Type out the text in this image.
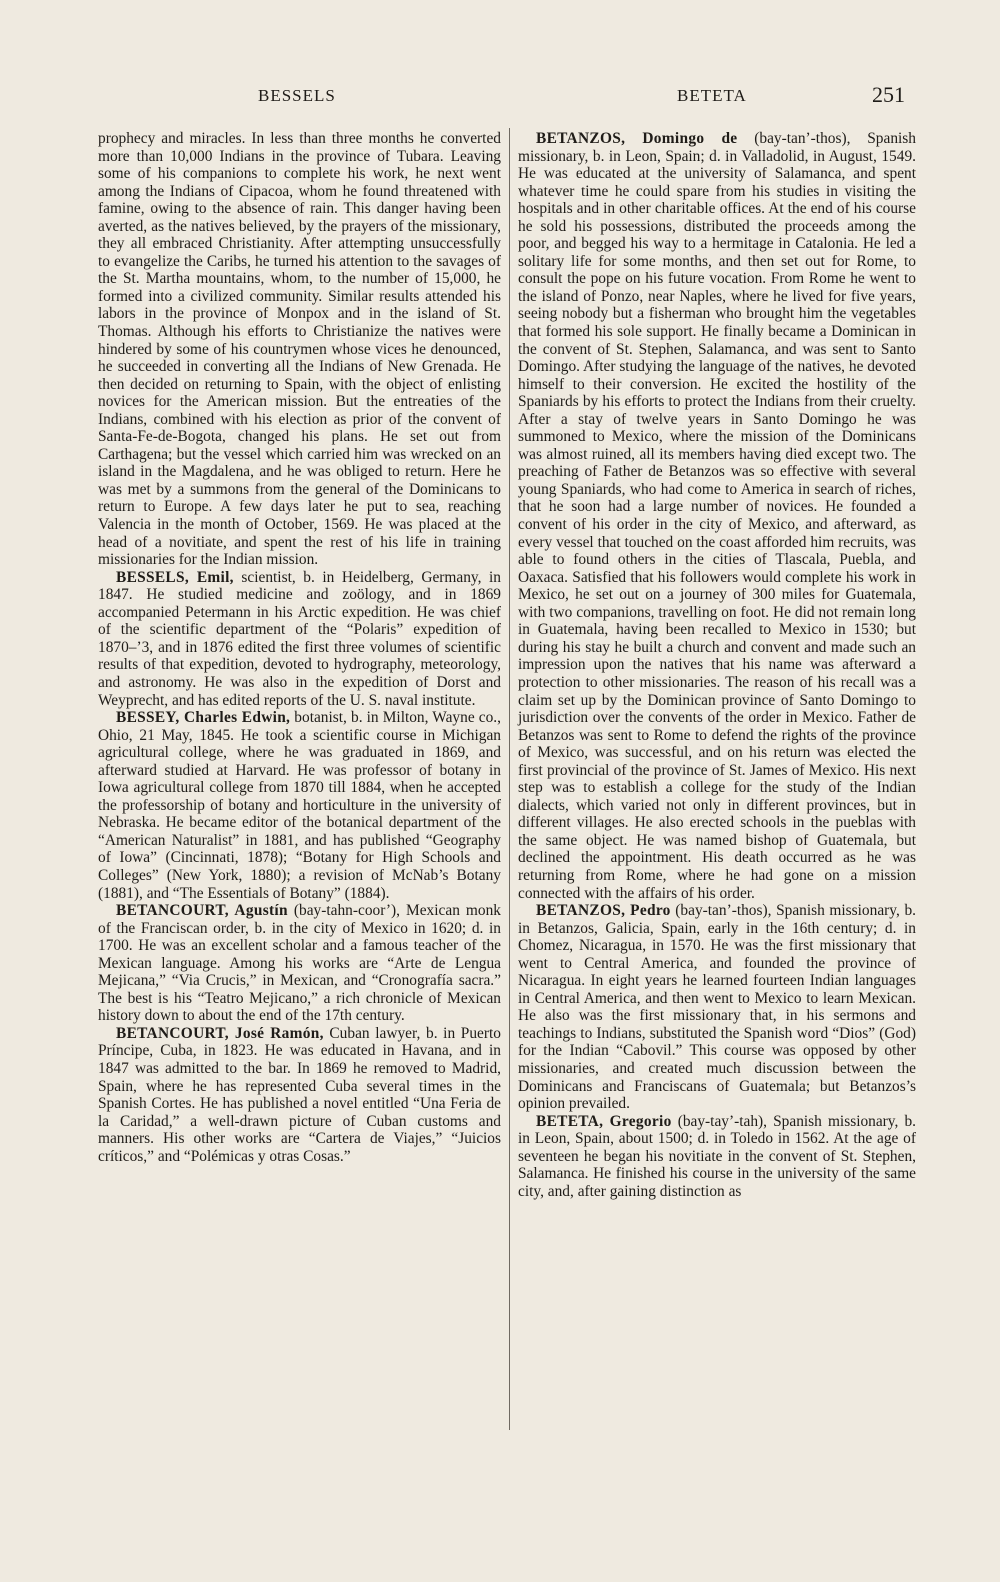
BESSELS	BETETA	251

prophecy and miracles. In less than three months he converted more than 10,000 Indians in the province of Tubara. Leaving some of his companions to complete his work, he next went among the Indians of Cipacoa, whom he found threatened with famine, owing to the absence of rain. This danger having been averted, as the natives believed, by the prayers of the missionary, they all embraced Christianity. After attempting unsuccessfully to evangelize the Caribs, he turned his attention to the savages of the St. Martha mountains, whom, to the number of 15,000, he formed into a civilized community. Similar results attended his labors in the province of Monpox and in the island of St. Thomas. Although his efforts to Christianize the natives were hindered by some of his countrymen whose vices he denounced, he succeeded in converting all the Indians of New Grenada. He then decided on returning to Spain, with the object of enlisting novices for the American mission. But the entreaties of the Indians, combined with his election as prior of the convent of Santa-Fe-de-Bogota, changed his plans. He set out from Carthagena; but the vessel which carried him was wrecked on an island in the Magdalena, and he was obliged to return. Here he was met by a summons from the general of the Dominicans to return to Europe. A few days later he put to sea, reaching Valencia in the month of October, 1569. He was placed at the head of a novitiate, and spent the rest of his life in training missionaries for the Indian mission.

BESSELS, Emil, scientist, b. in Heidelberg, Germany, in 1847. He studied medicine and zoölogy, and in 1869 accompanied Petermann in his Arctic expedition. He was chief of the scientific department of the “Polaris” expedition of 1870–’3, and in 1876 edited the first three volumes of scientific results of that expedition, devoted to hydrography, meteorology, and astronomy. He was also in the expedition of Dorst and Weyprecht, and has edited reports of the U. S. naval institute.

BESSEY, Charles Edwin, botanist, b. in Milton, Wayne co., Ohio, 21 May, 1845. He took a scientific course in Michigan agricultural college, where he was graduated in 1869, and afterward studied at Harvard. He was professor of botany in Iowa agricultural college from 1870 till 1884, when he accepted the professorship of botany and horticulture in the university of Nebraska. He became editor of the botanical department of the “American Naturalist” in 1881, and has published “Geography of Iowa” (Cincinnati, 1878); “Botany for High Schools and Colleges” (New York, 1880); a revision of McNab’s Botany (1881), and “The Essentials of Botany” (1884).

BETANCOURT, Agustín (bay-tahn-coor’), Mexican monk of the Franciscan order, b. in the city of Mexico in 1620; d. in 1700. He was an excellent scholar and a famous teacher of the Mexican language. Among his works are “Arte de Lengua Mejicana,” “Via Crucis,” in Mexican, and “Cronografía sacra.” The best is his “Teatro Mejicano,” a rich chronicle of Mexican history down to about the end of the 17th century.

BETANCOURT, José Ramón, Cuban lawyer, b. in Puerto Príncipe, Cuba, in 1823. He was educated in Havana, and in 1847 was admitted to the bar. In 1869 he removed to Madrid, Spain, where he has represented Cuba several times in the Spanish Cortes. He has published a novel entitled “Una Feria de la Caridad,” a well-drawn picture of Cuban customs and manners. His other works are “Cartera de Viajes,” “Juicios críticos,” and “Polémicas y otras Cosas.”

BETANZOS, Domingo de (bay-tan’-thos), Spanish missionary, b. in Leon, Spain; d. in Valladolid, in August, 1549. He was educated at the university of Salamanca, and spent whatever time he could spare from his studies in visiting the hospitals and in other charitable offices. At the end of his course he sold his possessions, distributed the proceeds among the poor, and begged his way to a hermitage in Catalonia. He led a solitary life for some months, and then set out for Rome, to consult the pope on his future vocation. From Rome he went to the island of Ponzo, near Naples, where he lived for five years, seeing nobody but a fisherman who brought him the vegetables that formed his sole support. He finally became a Dominican in the convent of St. Stephen, Salamanca, and was sent to Santo Domingo. After studying the language of the natives, he devoted himself to their conversion. He excited the hostility of the Spaniards by his efforts to protect the Indians from their cruelty. After a stay of twelve years in Santo Domingo he was summoned to Mexico, where the mission of the Dominicans was almost ruined, all its members having died except two. The preaching of Father de Betanzos was so effective with several young Spaniards, who had come to America in search of riches, that he soon had a large number of novices. He founded a convent of his order in the city of Mexico, and afterward, as every vessel that touched on the coast afforded him recruits, was able to found others in the cities of Tlascala, Puebla, and Oaxaca. Satisfied that his followers would complete his work in Mexico, he set out on a journey of 300 miles for Guatemala, with two companions, travelling on foot. He did not remain long in Guatemala, having been recalled to Mexico in 1530; but during his stay he built a church and convent and made such an impression upon the natives that his name was afterward a protection to other missionaries. The reason of his recall was a claim set up by the Dominican province of Santo Domingo to jurisdiction over the convents of the order in Mexico. Father de Betanzos was sent to Rome to defend the rights of the province of Mexico, was successful, and on his return was elected the first provincial of the province of St. James of Mexico. His next step was to establish a college for the study of the Indian dialects, which varied not only in different provinces, but in different villages. He also erected schools in the pueblas with the same object. He was named bishop of Guatemala, but declined the appointment. His death occurred as he was returning from Rome, where he had gone on a mission connected with the affairs of his order.

BETANZOS, Pedro (bay-tan’-thos), Spanish missionary, b. in Betanzos, Galicia, Spain, early in the 16th century; d. in Chomez, Nicaragua, in 1570. He was the first missionary that went to Central America, and founded the province of Nicaragua. In eight years he learned fourteen Indian languages in Central America, and then went to Mexico to learn Mexican. He also was the first missionary that, in his sermons and teachings to Indians, substituted the Spanish word “Dios” (God) for the Indian “Cabovil.” This course was opposed by other missionaries, and created much discussion between the Dominicans and Franciscans of Guatemala; but Betanzos’s opinion prevailed.

BETETA, Gregorio (bay-tay’-tah), Spanish missionary, b. in Leon, Spain, about 1500; d. in Toledo in 1562. At the age of seventeen he began his novitiate in the convent of St. Stephen, Salamanca. He finished his course in the university of the same city, and, after gaining distinction as
